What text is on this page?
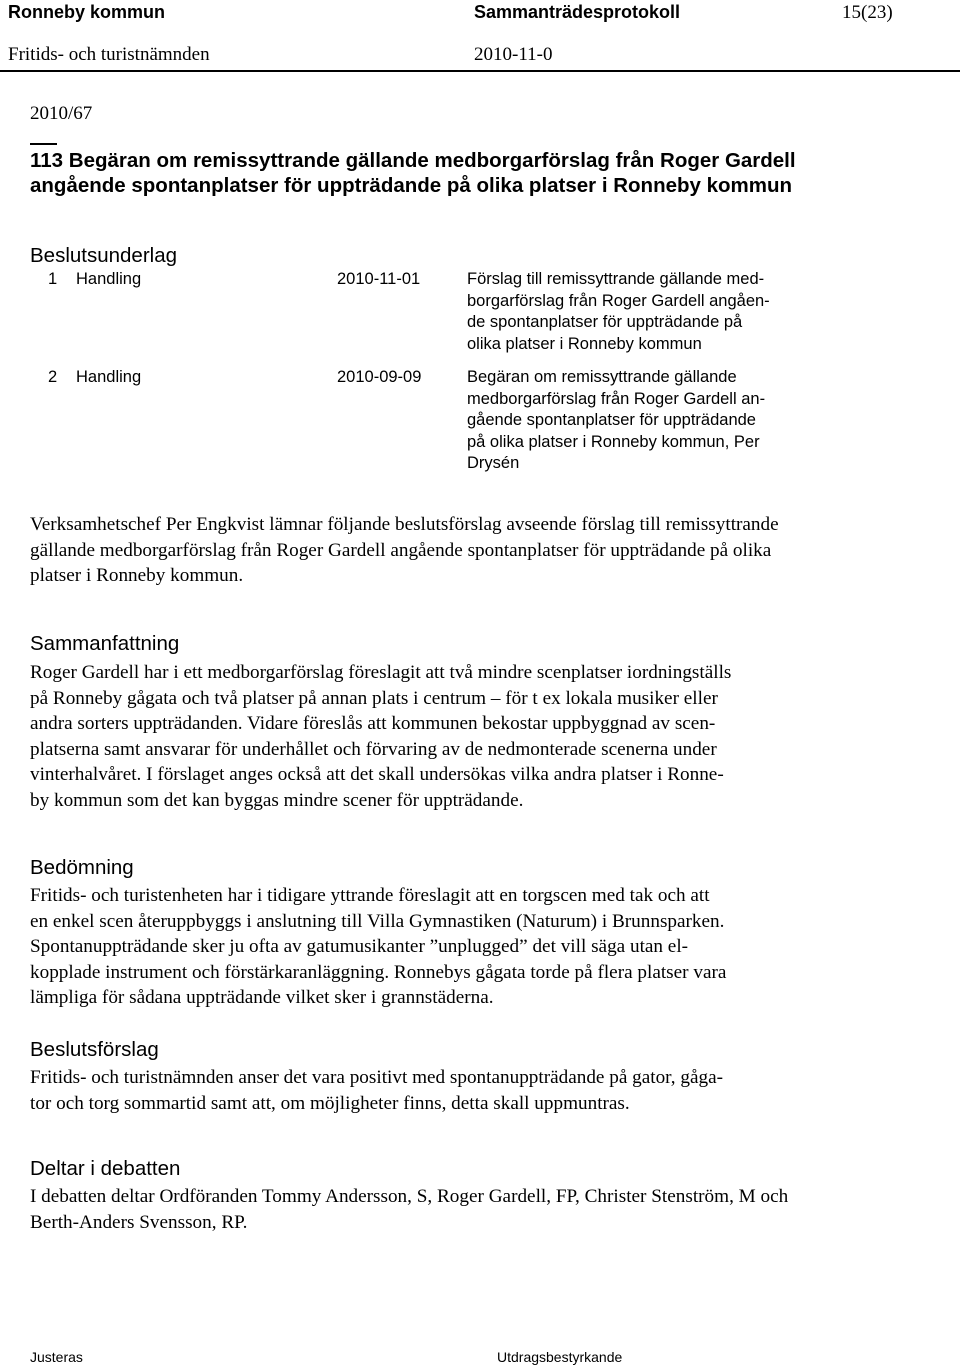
Ronneby kommun	Sammanträdesprotokoll	15(23)
Fritids- och turistnämnden	2010-11-0
2010/67
113 Begäran om remissyttrande gällande medborgarförslag från Roger Gardell
angående spontanplatser för uppträdande på olika platser i Ronneby kommun
Beslutsunderlag
1 Handling	2010-11-01	Förslag till remissyttrande gällande med-
borgarförslag från Roger Gardell angåen-
de spontanplatser för uppträdande på
olika platser i Ronneby kommun
2 Handling	2010-09-09	Begäran om remissyttrande gällande
medborgarförslag från Roger Gardell an-
gående spontanplatser för uppträdande
på olika platser i Ronneby kommun, Per
Drysén
Verksamhetschef Per Engkvist lämnar följande beslutsförslag avseende förslag till remissyttrande
gällande medborgarförslag från Roger Gardell angående spontanplatser för uppträdande på olika
platser i Ronneby kommun.
Sammanfattning
Roger Gardell har i ett medborgarförslag föreslagit att två mindre scenplatser iordningställs
på Ronneby gågata och två platser på annan plats i centrum – för t ex lokala musiker eller
andra sorters uppträdanden. Vidare föreslås att kommunen bekostar uppbyggnad av scen-
platserna samt ansvarar för underhållet och förvaring av de nedmonterade scenerna under
vinterhalvåret. I förslaget anges också att det skall undersökas vilka andra platser i Ronne-
by kommun som det kan byggas mindre scener för uppträdande.
Bedömning
Fritids- och turistenheten har i tidigare yttrande föreslagit att en torgscen med tak och att
en enkel scen återuppbyggs i anslutning till Villa Gymnastiken (Naturum) i Brunnsparken.
Spontanuppträdande sker ju ofta av gatumusikanter ”unplugged” det vill säga utan el-
kopplade instrument och förstärkaranläggning. Ronnebys gågata torde på flera platser vara
lämpliga för sådana uppträdande vilket sker i grannstäderna.
Beslutsförslag
Fritids- och turistnämnden anser det vara positivt med spontanuppträdande på gator, gåga-
tor och torg sommartid samt att, om möjligheter finns, detta skall uppmuntras.
Deltar i debatten
I debatten deltar Ordföranden Tommy Andersson, S, Roger Gardell, FP, Christer Stenström, M och
Berth-Anders Svensson, RP.
Justeras	Utdragsbestyrkande
